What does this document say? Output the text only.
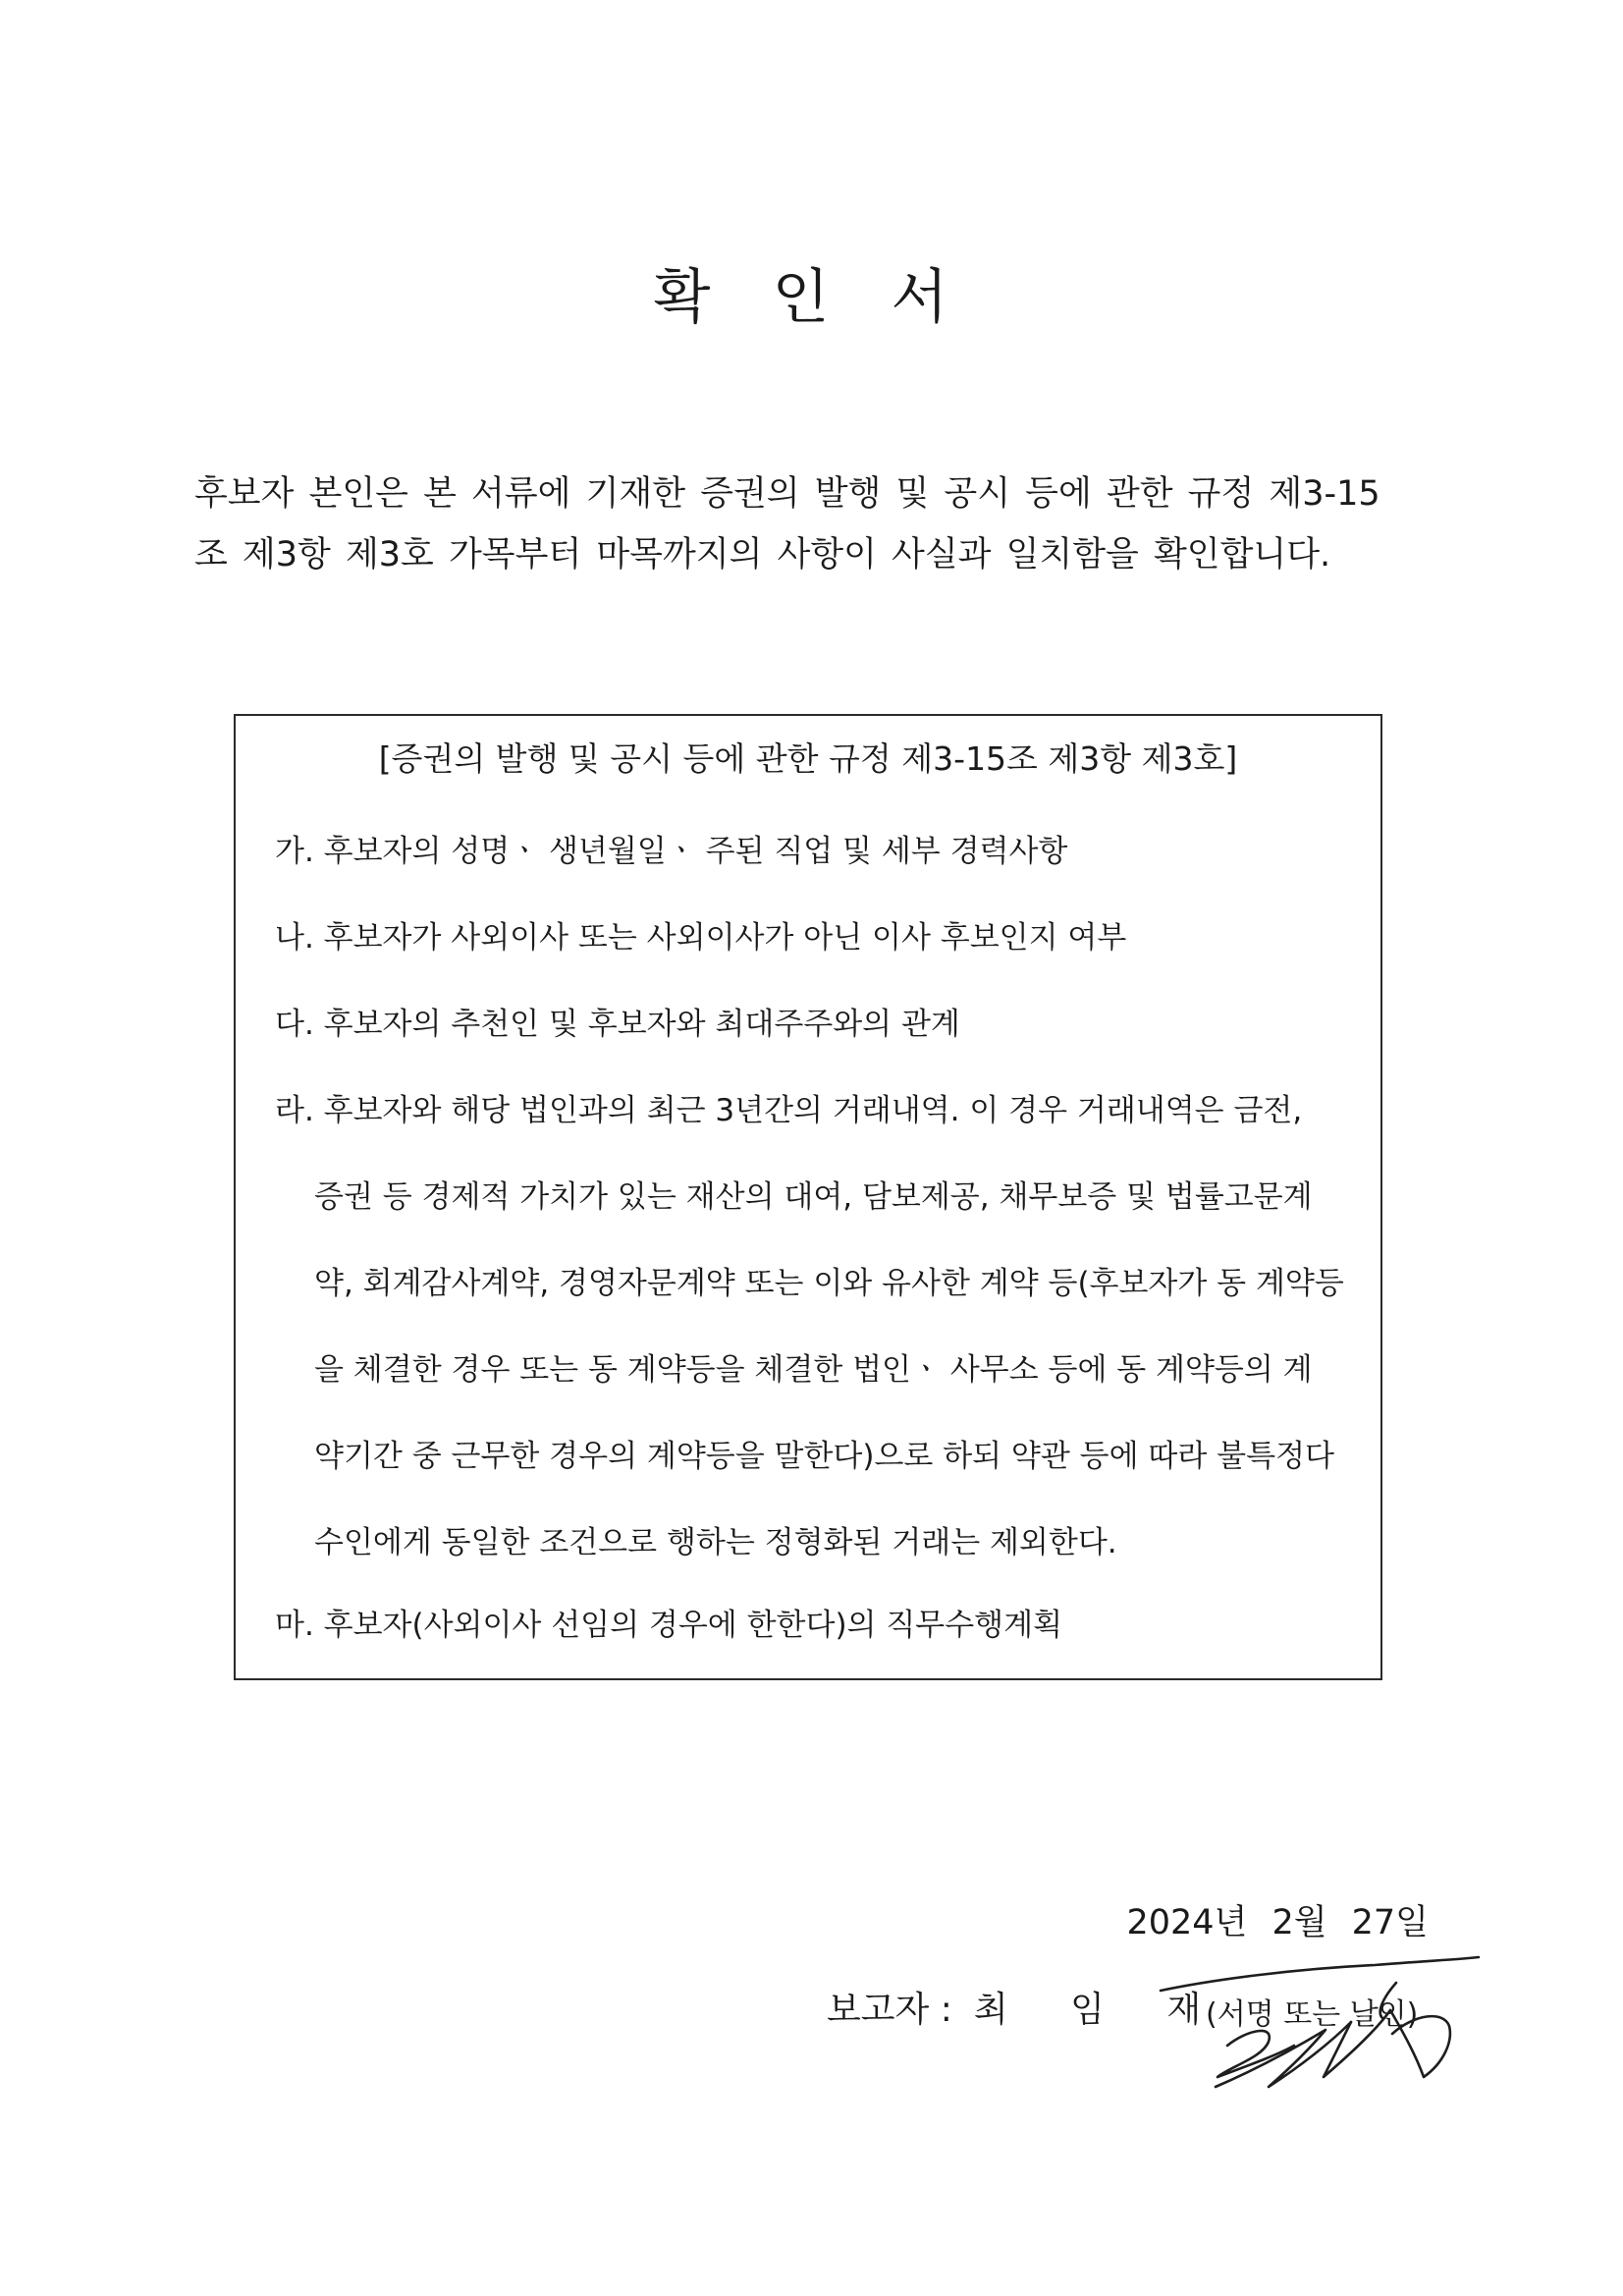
확 인 서

후보자 본인은 본 서류에 기재한 증권의 발행 및 공시 등에 관한 규정 제3-15
조 제3항 제3호 가목부터 마목까지의 사항이 사실과 일치함을 확인합니다.

[증권의 발행 및 공시 등에 관한 규정 제3-15조 제3항 제3호]
가. 후보자의 성명ㆍ 생년월일ㆍ 주된 직업 및 세부 경력사항
나. 후보자가 사외이사 또는 사외이사가 아닌 이사 후보인지 여부
다. 후보자의 추천인 및 후보자와 최대주주와의 관계
라. 후보자와 해당 법인과의 최근 3년간의 거래내역. 이 경우 거래내역은 금전,
증권 등 경제적 가치가 있는 재산의 대여, 담보제공, 채무보증 및 법률고문계
약, 회계감사계약, 경영자문계약 또는 이와 유사한 계약 등(후보자가 동 계약등
을 체결한 경우 또는 동 계약등을 체결한 법인ㆍ 사무소 등에 동 계약등의 계
약기간 중 근무한 경우의 계약등을 말한다)으로 하되 약관 등에 따라 불특정다
수인에게 동일한 조건으로 행하는 정형화된 거래는 제외한다.
마. 후보자(사외이사 선임의 경우에 한한다)의 직무수행계획
2024년 2월 27일
보고자 : 최 임 재
(서명 또는 날인)
